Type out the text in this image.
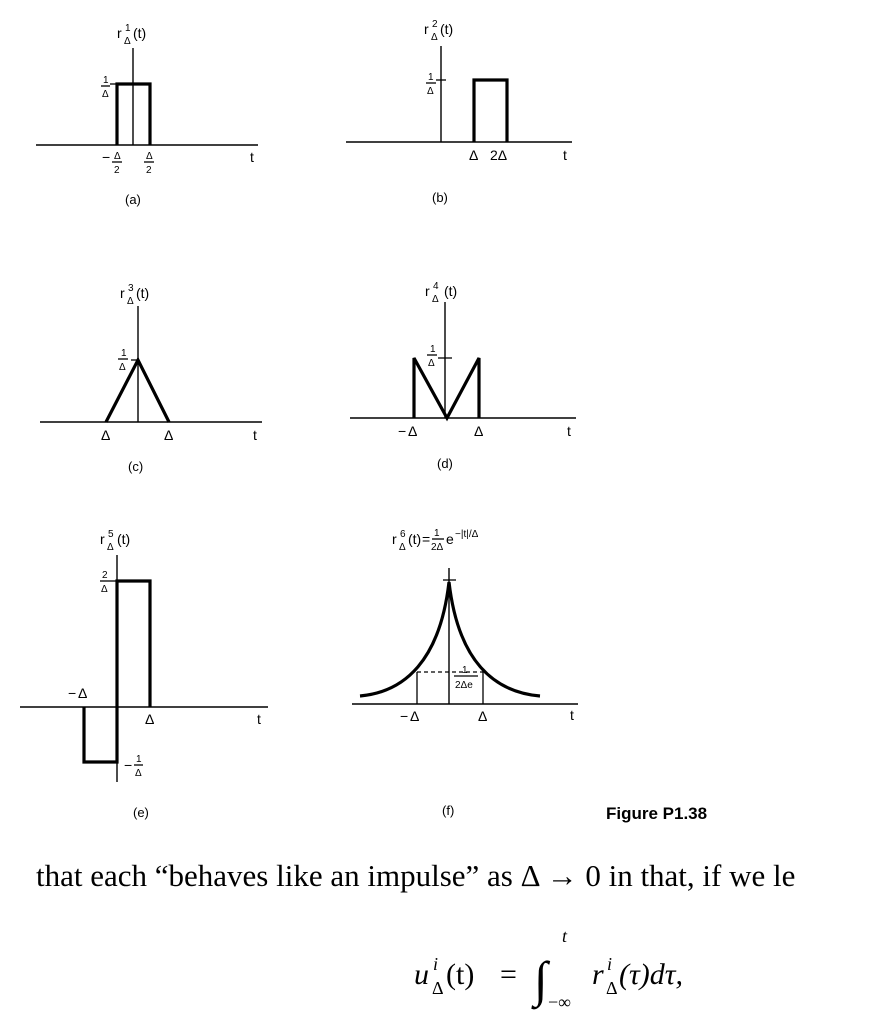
r 1
Δ
(t)
1
Δ
− Δ
2
Δ
2
t
(a)
r 2
Δ
(t)
1
Δ
Δ 2Δ	t
(b)
r 3
Δ
(t)
1
Δ
Δ	Δ	t
(c)
r 4
Δ
(t)
1
Δ
− Δ	Δ	t
(d)
r 5
Δ
(t)
2
Δ
− Δ
Δ
− 1
Δ
t
(e)
r 6
Δ
(t) = 1
2Δ
e −|t|/Δ
1
2Δe
− Δ	Δ	t
(f)	Figure P1.38
u i
Δ (t) = ∫
t
−∞
r i
Δ (τ)dτ,
that each “behaves like an impulse” as Δ → 0 in that, if we le
